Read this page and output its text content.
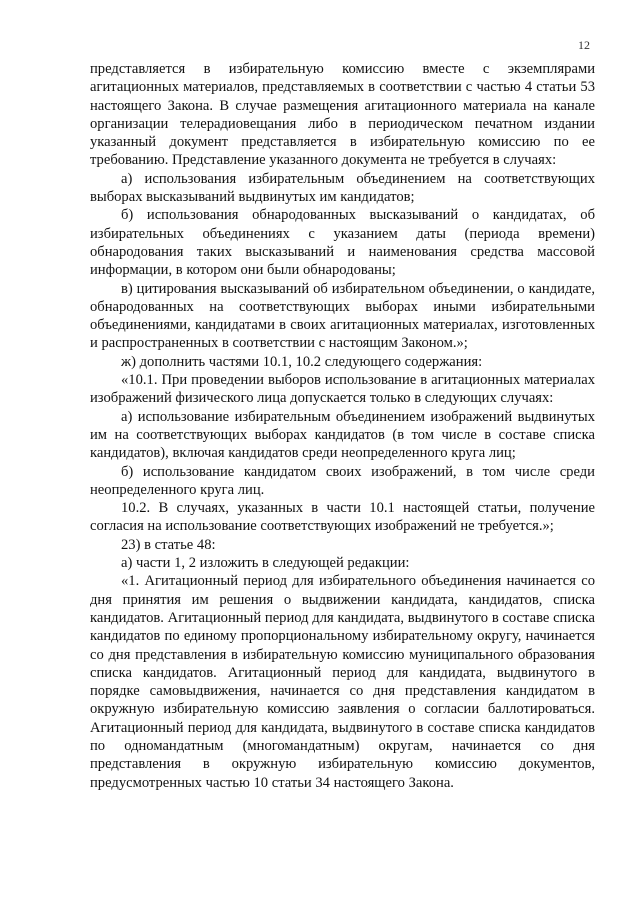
12

представляется в избирательную комиссию вместе с экземплярами агитационных материалов, представляемых в соответствии с частью 4 статьи 53 настоящего Закона. В случае размещения агитационного материала на канале организации телерадиовещания либо в периодическом печатном издании указанный документ представляется в избирательную комиссию по ее требованию. Представление указанного документа не требуется в случаях:

а) использования избирательным объединением на соответствующих выборах высказываний выдвинутых им кандидатов;

б) использования обнародованных высказываний о кандидатах, об избирательных объединениях с указанием даты (периода времени) обнародования таких высказываний и наименования средства массовой информации, в котором они были обнародованы;

в) цитирования высказываний об избирательном объединении, о кандидате, обнародованных на соответствующих выборах иными избирательными объединениями, кандидатами в своих агитационных материалах, изготовленных и распространенных в соответствии с настоящим Законом.»;

ж) дополнить частями 10.1, 10.2 следующего содержания:

«10.1. При проведении выборов использование в агитационных материалах изображений физического лица допускается только в следующих случаях:

а) использование избирательным объединением изображений выдвинутых им на соответствующих выборах кандидатов (в том числе в составе списка кандидатов), включая кандидатов среди неопределенного круга лиц;

б) использование кандидатом своих изображений, в том числе среди неопределенного круга лиц.

10.2. В случаях, указанных в части 10.1 настоящей статьи, получение согласия на использование соответствующих изображений не требуется.»;

23) в статье 48:

а) части 1, 2 изложить в следующей редакции:

«1. Агитационный период для избирательного объединения начинается со дня принятия им решения о выдвижении кандидата, кандидатов, списка кандидатов. Агитационный период для кандидата, выдвинутого в составе списка кандидатов по единому пропорциональному избирательному округу, начинается со дня представления в избирательную комиссию муниципального образования списка кандидатов. Агитационный период для кандидата, выдвинутого в порядке самовыдвижения, начинается со дня представления кандидатом в окружную избирательную комиссию заявления о согласии баллотироваться. Агитационный период для кандидата, выдвинутого в составе списка кандидатов по одномандатным (многомандатным) округам, начинается со дня представления в окружную избирательную комиссию документов, предусмотренных частью 10 статьи 34 настоящего Закона.
